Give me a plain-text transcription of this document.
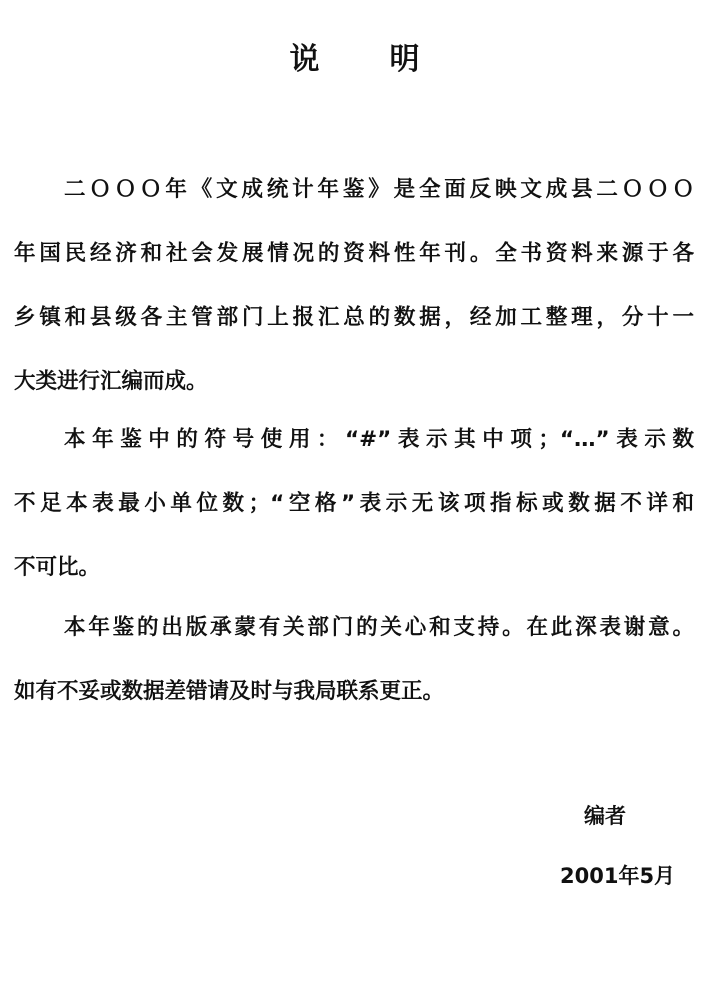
说 明

二ＯＯＯ年《文成统计年鉴》是全面反映文成县二ＯＯＯ
年国民经济和社会发展情况的资料性年刊。全书资料来源于各
乡镇和县级各主管部门上报汇总的数据，经加工整理，分十一
大类进行汇编而成。

本年鉴中的符号使用：“#”表示其中项；“…”表示数
不足本表最小单位数；“空格”表示无该项指标或数据不详和
不可比。

本年鉴的出版承蒙有关部门的关心和支持。在此深表谢意。
如有不妥或数据差错请及时与我局联系更正。

编者
2001年5月
